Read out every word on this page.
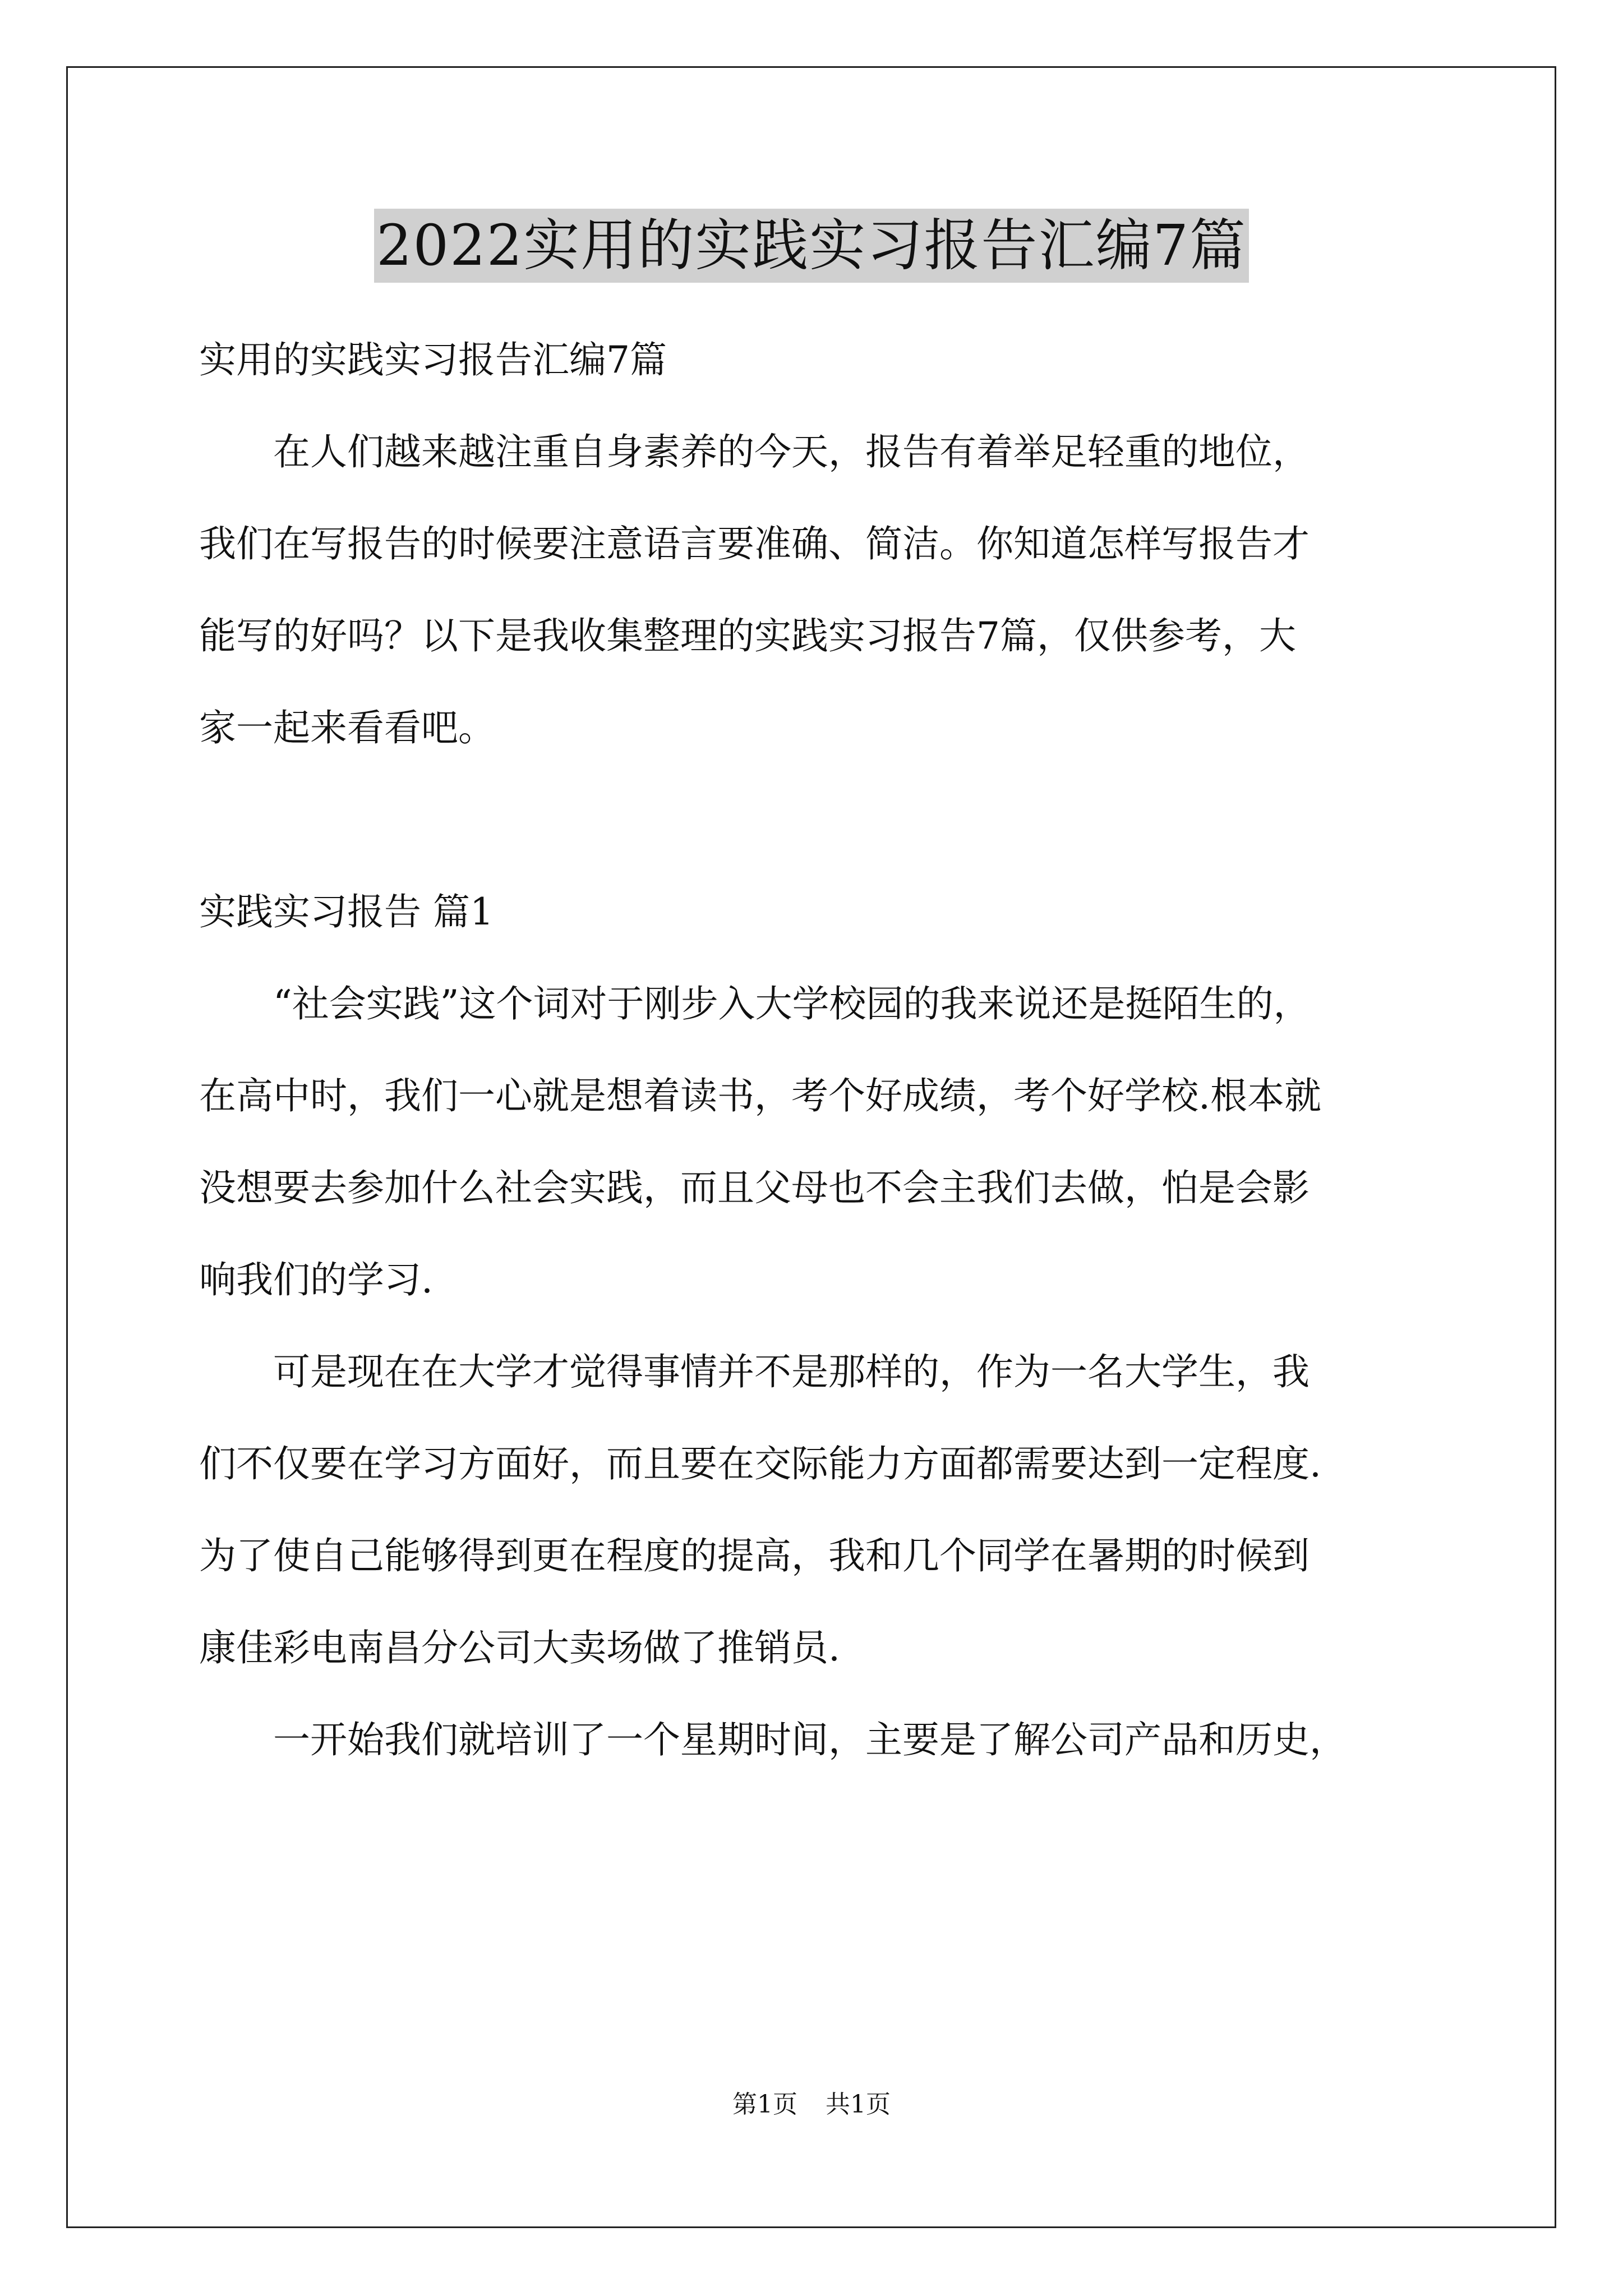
2022实用的实践实习报告汇编7篇

实用的实践实习报告汇编7篇

在人们越来越注重自身素养的今天，报告有着举足轻重的地位，

我们在写报告的时候要注意语言要准确、简洁。你知道怎样写报告才

能写的好吗？以下是我收集整理的实践实习报告7篇，仅供参考，大

家一起来看看吧。

实践实习报告 篇1

“社会实践”这个词对于刚步入大学校园的我来说还是挺陌生的，

在高中时，我们一心就是想着读书，考个好成绩，考个好学校.根本就

没想要去参加什么社会实践，而且父母也不会主我们去做，怕是会影

响我们的学习.

可是现在在大学才觉得事情并不是那样的，作为一名大学生，我

们不仅要在学习方面好，而且要在交际能力方面都需要达到一定程度.

为了使自己能够得到更在程度的提高，我和几个同学在暑期的时候到

康佳彩电南昌分公司大卖场做了推销员.

一开始我们就培训了一个星期时间，主要是了解公司产品和历史，

第1页 共1页
